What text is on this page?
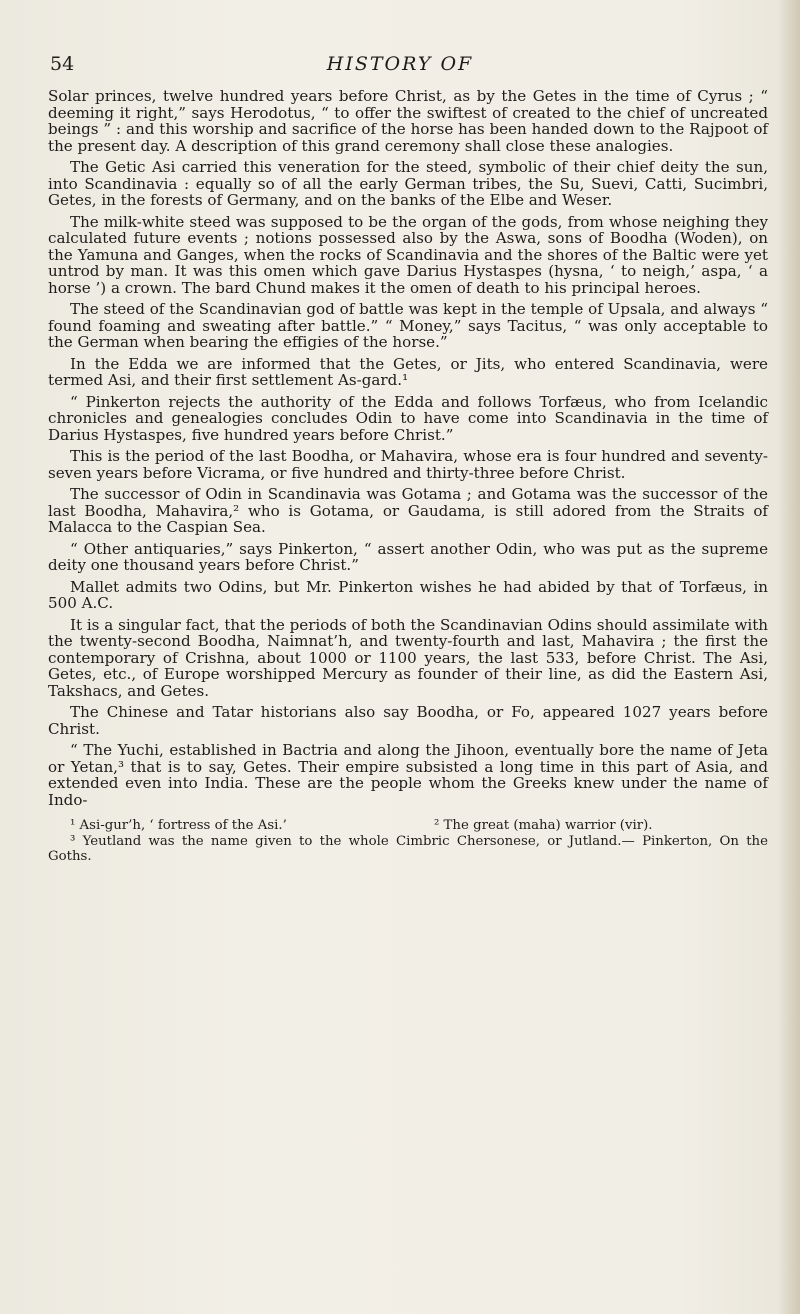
54	HISTORY OF

Solar princes, twelve hundred years before Christ, as by the Getes in the time of Cyrus ; “ deeming it right,” says Herodotus, “ to offer the swiftest of created to the chief of uncreated beings ” : and this worship and sacrifice of the horse has been handed down to the Rajpoot of the present day. A description of this grand ceremony shall close these analogies.

The Getic Asi carried this veneration for the steed, symbolic of their chief deity the sun, into Scandinavia : equally so of all the early German tribes, the Su, Suevi, Catti, Sucimbri, Getes, in the forests of Germany, and on the banks of the Elbe and Weser.

The milk-white steed was supposed to be the organ of the gods, from whose neighing they calculated future events ; notions possessed also by the Aswa, sons of Boodha (Woden), on the Yamuna and Ganges, when the rocks of Scandinavia and the shores of the Baltic were yet untrod by man. It was this omen which gave Darius Hystaspes (hysna, ‘ to neigh,’ aspa, ‘ a horse ’) a crown. The bard Chund makes it the omen of death to his principal heroes.

The steed of the Scandinavian god of battle was kept in the temple of Upsala, and always “ found foaming and sweating after battle.” “ Money,” says Tacitus, “ was only acceptable to the German when bearing the effigies of the horse.”

In the Edda we are informed that the Getes, or Jits, who entered Scandinavia, were termed Asi, and their first settlement As-gard.¹

“ Pinkerton rejects the authority of the Edda and follows Torfæus, who from Icelandic chronicles and genealogies concludes Odin to have come into Scandinavia in the time of Darius Hystaspes, five hundred years before Christ.”

This is the period of the last Boodha, or Mahavira, whose era is four hundred and seventy-seven years before Vicrama, or five hundred and thirty-three before Christ.

The successor of Odin in Scandinavia was Gotama ; and Gotama was the successor of the last Boodha, Mahavira,² who is Gotama, or Gaudama, is still adored from the Straits of Malacca to the Caspian Sea.

“ Other antiquaries,” says Pinkerton, “ assert another Odin, who was put as the supreme deity one thousand years before Christ.”

Mallet admits two Odins, but Mr. Pinkerton wishes he had abided by that of Torfæus, in 500 A.C.

It is a singular fact, that the periods of both the Scandinavian Odins should assimilate with the twenty-second Boodha, Naimnat’h, and twenty-fourth and last, Mahavira ; the first the contemporary of Crishna, about 1000 or 1100 years, the last 533, before Christ. The Asi, Getes, etc., of Europe worshipped Mercury as founder of their line, as did the Eastern Asi, Takshacs, and Getes.

The Chinese and Tatar historians also say Boodha, or Fo, appeared 1027 years before Christ.

“ The Yuchi, established in Bactria and along the Jihoon, eventually bore the name of Jeta or Yetan,³ that is to say, Getes. Their empire subsisted a long time in this part of Asia, and extended even into India. These are the people whom the Greeks knew under the name of Indo-

¹ Asi-gur’h, ‘ fortress of the Asi.’	² The great (maha) warrior (vir).

³ Yeutland was the name given to the whole Cimbric Chersonese, or Jutland.— Pinkerton, On the Goths.
